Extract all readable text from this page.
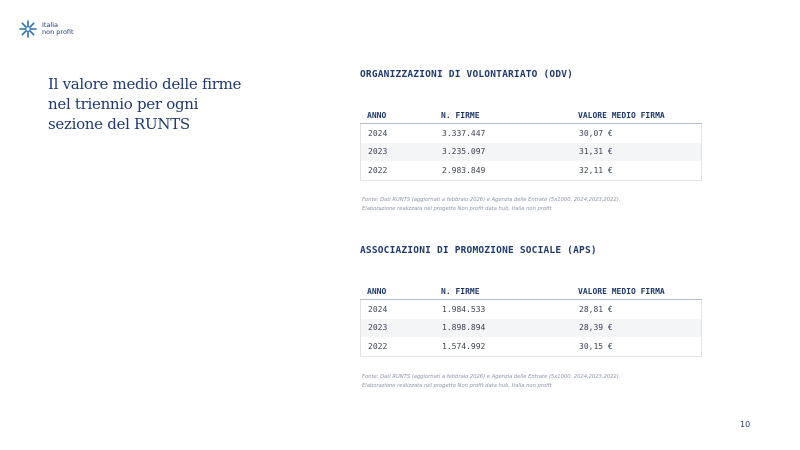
Italia
non profit
Il valore medio delle firme
nel triennio per ogni
sezione del RUNTS
ORGANIZZAZIONI DI VOLONTARIATO (ODV)
ANNO	N. FIRME	VALORE MEDIO FIRMA
2024	3.337.447	30,07 €
2023	3.235.097	31,31 €
2022	2.983.849	32,11 €
Fonte: Dati RUNTS (aggiornati a febbraio 2026) e Agenzia delle Entrate (5x1000, 2024,2023,2022).
Elaborazione realizzata nel progetto Non profit data hub, Italia non profit
ASSOCIAZIONI DI PROMOZIONE SOCIALE (APS)
ANNO	N. FIRME	VALORE MEDIO FIRMA
2024	1.984.533	28,81 €
2023	1.898.894	28,39 €
2022	1.574.992	30,15 €
Fonte: Dati RUNTS (aggiornati a febbraio 2026) e Agenzia delle Entrate (5x1000, 2024,2023,2022).
Elaborazione realizzata nel progetto Non profit data hub, Italia non profit
10
